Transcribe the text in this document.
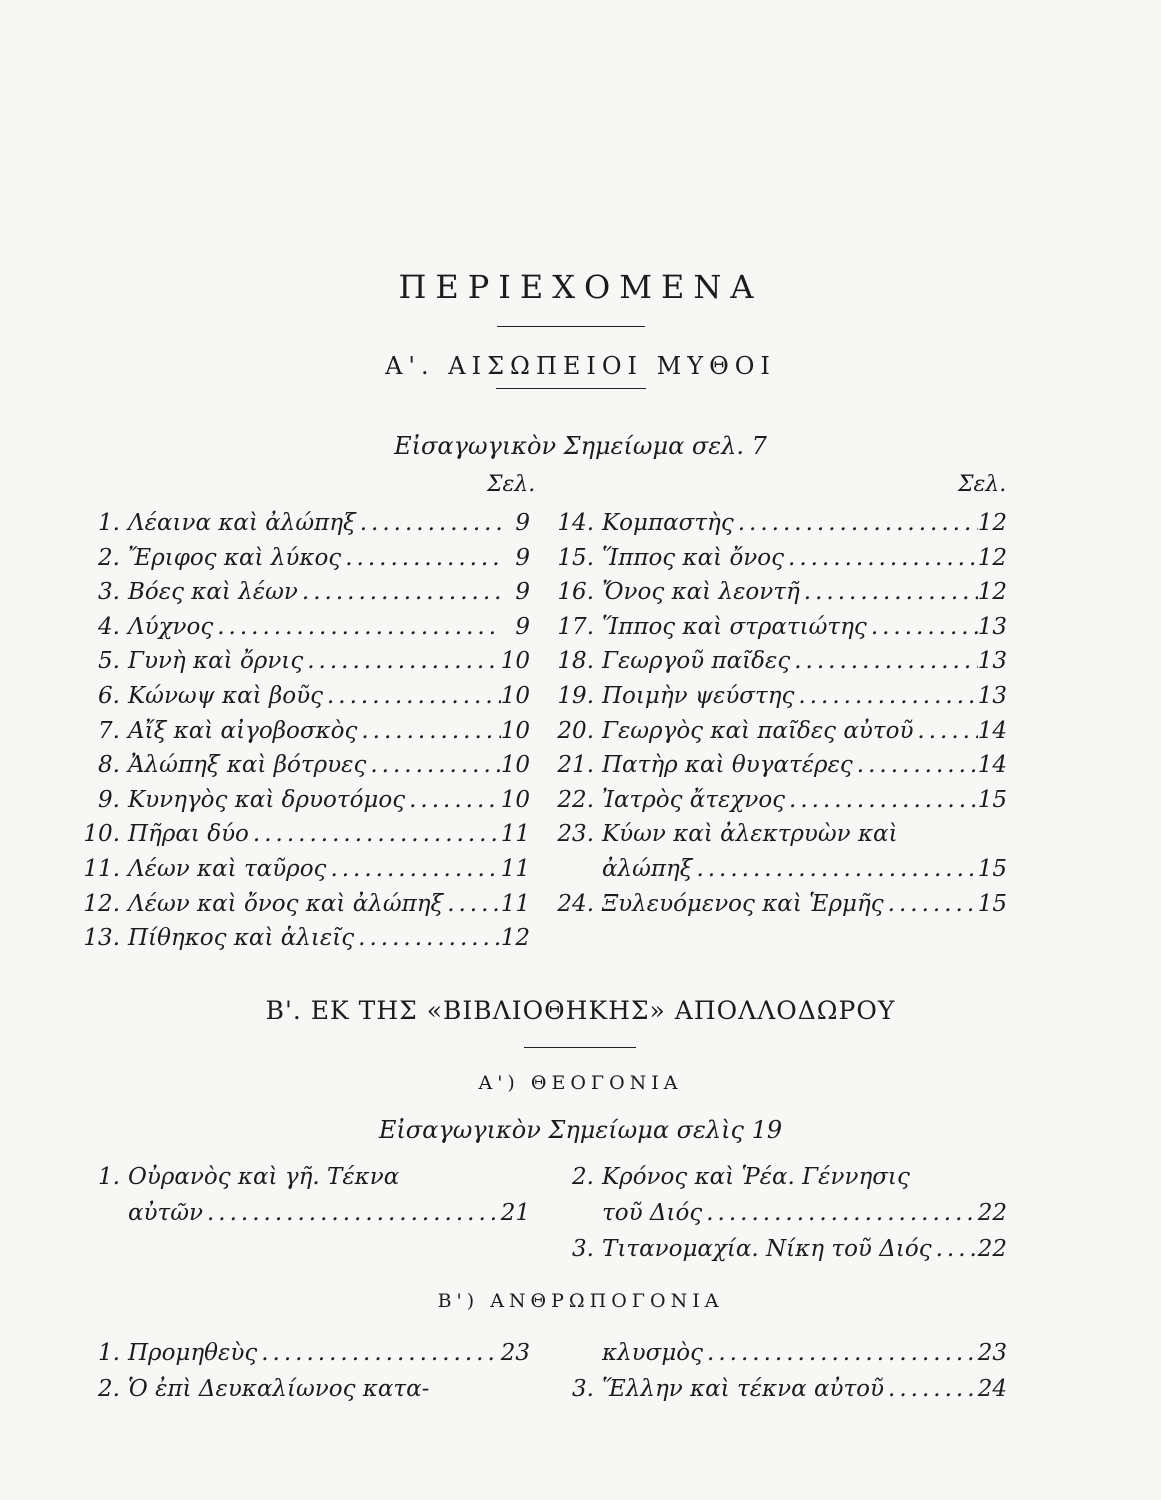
ΠΕΡΙΕΧΟΜΕΝΑ
Α'. ΑΙΣΩΠΕΙΟΙ ΜΥΘΟΙ
Εἰσαγωγικὸν Σημείωμα σελ. 7
Σελ.	Σελ.
1. Λέαινα καὶ ἀλώπηξ .....	9
2. Ἔριφος καὶ λύκος .....	9
3. Βόες καὶ λέων .....	9
4. Λύχνος .....	9
5. Γυνὴ καὶ ὄρνις .....	10
6. Κώνωψ καὶ βοῦς .....	10
7. Αἴξ καὶ αἰγοβοσκὸς .....	10
8. Ἀλώπηξ καὶ βότρυες .....	10
9. Κυνηγὸς καὶ δρυοτόμος .....	10
10. Πῆραι δύο .....	11
11. Λέων καὶ ταῦρος .....	11
12. Λέων καὶ ὄνος καὶ ἀλώπηξ .....	11
13. Πίθηκος καὶ ἁλιεῖς .....	12
14. Κομπαστὴς .....	12
15. Ἵππος καὶ ὄνος .....	12
16. Ὄνος καὶ λεοντῆ .....	12
17. Ἵππος καὶ στρατιώτης .....	13
18. Γεωργοῦ παῖδες .....	13
19. Ποιμὴν ψεύστης .....	13
20. Γεωργὸς καὶ παῖδες αὐτοῦ .....	14
21. Πατὴρ καὶ θυγατέρες .....	14
22. Ἰατρὸς ἄτεχνος .....	15
23. Κύων καὶ ἀλεκτρυὼν καὶ
ἀλώπηξ .....	15
24. Ξυλευόμενος καὶ Ἑρμῆς .....	15
Β'. ΕΚ ΤΗΣ «ΒΙΒΛΙΟΘΗΚΗΣ» ΑΠΟΛΛΟΔΩΡΟΥ
Α') ΘΕΟΓΟΝΙΑ
Εἰσαγωγικὸν Σημείωμα σελὶς 19
1. Οὐρανὸς καὶ γῆ. Τέκνα
αὐτῶν .....	21
2. Κρόνος καὶ Ῥέα. Γέννησις
τοῦ Διός .....	22
3. Τιτανομαχία. Νίκη τοῦ Διός ..... 22
Β') ΑΝΘΡΩΠΟΓΟΝΙΑ
1. Προμηθεὺς .....	23
2. Ὁ ἐπὶ Δευκαλίωνος κατα-
κλυσμὸς .....	23
3. Ἕλλην καὶ τέκνα αὐτοῦ .....	24
